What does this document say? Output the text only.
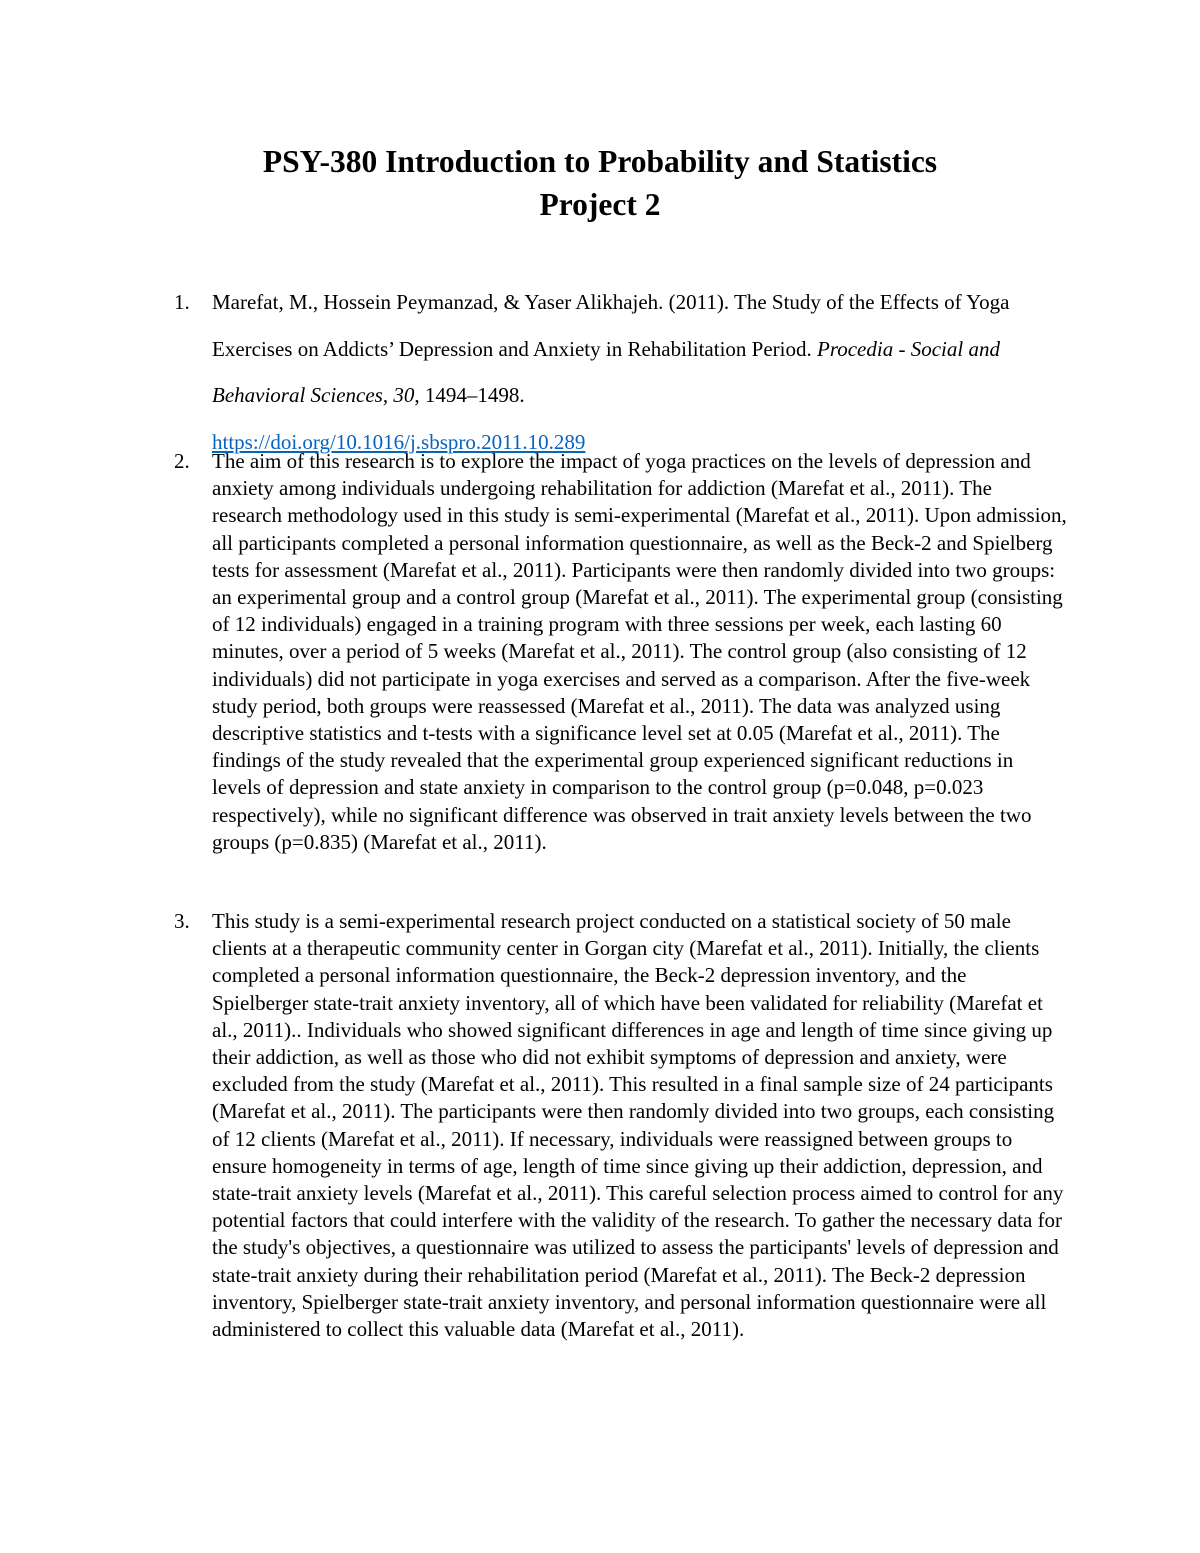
PSY-380 Introduction to Probability and Statistics
Project 2
1.	Marefat, M., Hossein Peymanzad, & Yaser Alikhajeh. (2011). The Study of the Effects of Yoga Exercises on Addicts’ Depression and Anxiety in Rehabilitation Period. Procedia - Social and Behavioral Sciences, 30, 1494–1498.
https://doi.org/10.1016/j.sbspro.2011.10.289

2.	The aim of this research is to explore the impact of yoga practices on the levels of depression and anxiety among individuals undergoing rehabilitation for addiction (Marefat et al., 2011). The research methodology used in this study is semi-experimental (Marefat et al., 2011). Upon admission, all participants completed a personal information questionnaire, as well as the Beck-2 and Spielberg tests for assessment (Marefat et al., 2011). Participants were then randomly divided into two groups: an experimental group and a control group (Marefat et al., 2011). The experimental group (consisting of 12 individuals) engaged in a training program with three sessions per week, each lasting 60 minutes, over a period of 5 weeks (Marefat et al., 2011). The control group (also consisting of 12 individuals) did not participate in yoga exercises and served as a comparison. After the five-week study period, both groups were reassessed (Marefat et al., 2011). The data was analyzed using descriptive statistics and t-tests with a significance level set at 0.05 (Marefat et al., 2011). The findings of the study revealed that the experimental group experienced significant reductions in levels of depression and state anxiety in comparison to the control group (p=0.048, p=0.023 respectively), while no significant difference was observed in trait anxiety levels between the two groups (p=0.835) (Marefat et al., 2011).

3.	This study is a semi-experimental research project conducted on a statistical society of 50 male clients at a therapeutic community center in Gorgan city (Marefat et al., 2011). Initially, the clients completed a personal information questionnaire, the Beck-2 depression inventory, and the Spielberger state-trait anxiety inventory, all of which have been validated for reliability (Marefat et al., 2011).. Individuals who showed significant differences in age and length of time since giving up their addiction, as well as those who did not exhibit symptoms of depression and anxiety, were excluded from the study (Marefat et al., 2011). This resulted in a final sample size of 24 participants (Marefat et al., 2011). The participants were then randomly divided into two groups, each consisting of 12 clients (Marefat et al., 2011). If necessary, individuals were reassigned between groups to ensure homogeneity in terms of age, length of time since giving up their addiction, depression, and state-trait anxiety levels (Marefat et al., 2011). This careful selection process aimed to control for any potential factors that could interfere with the validity of the research. To gather the necessary data for the study's objectives, a questionnaire was utilized to assess the participants' levels of depression and state-trait anxiety during their rehabilitation period (Marefat et al., 2011). The Beck-2 depression inventory, Spielberger state-trait anxiety inventory, and personal information questionnaire were all administered to collect this valuable data (Marefat et al., 2011).
